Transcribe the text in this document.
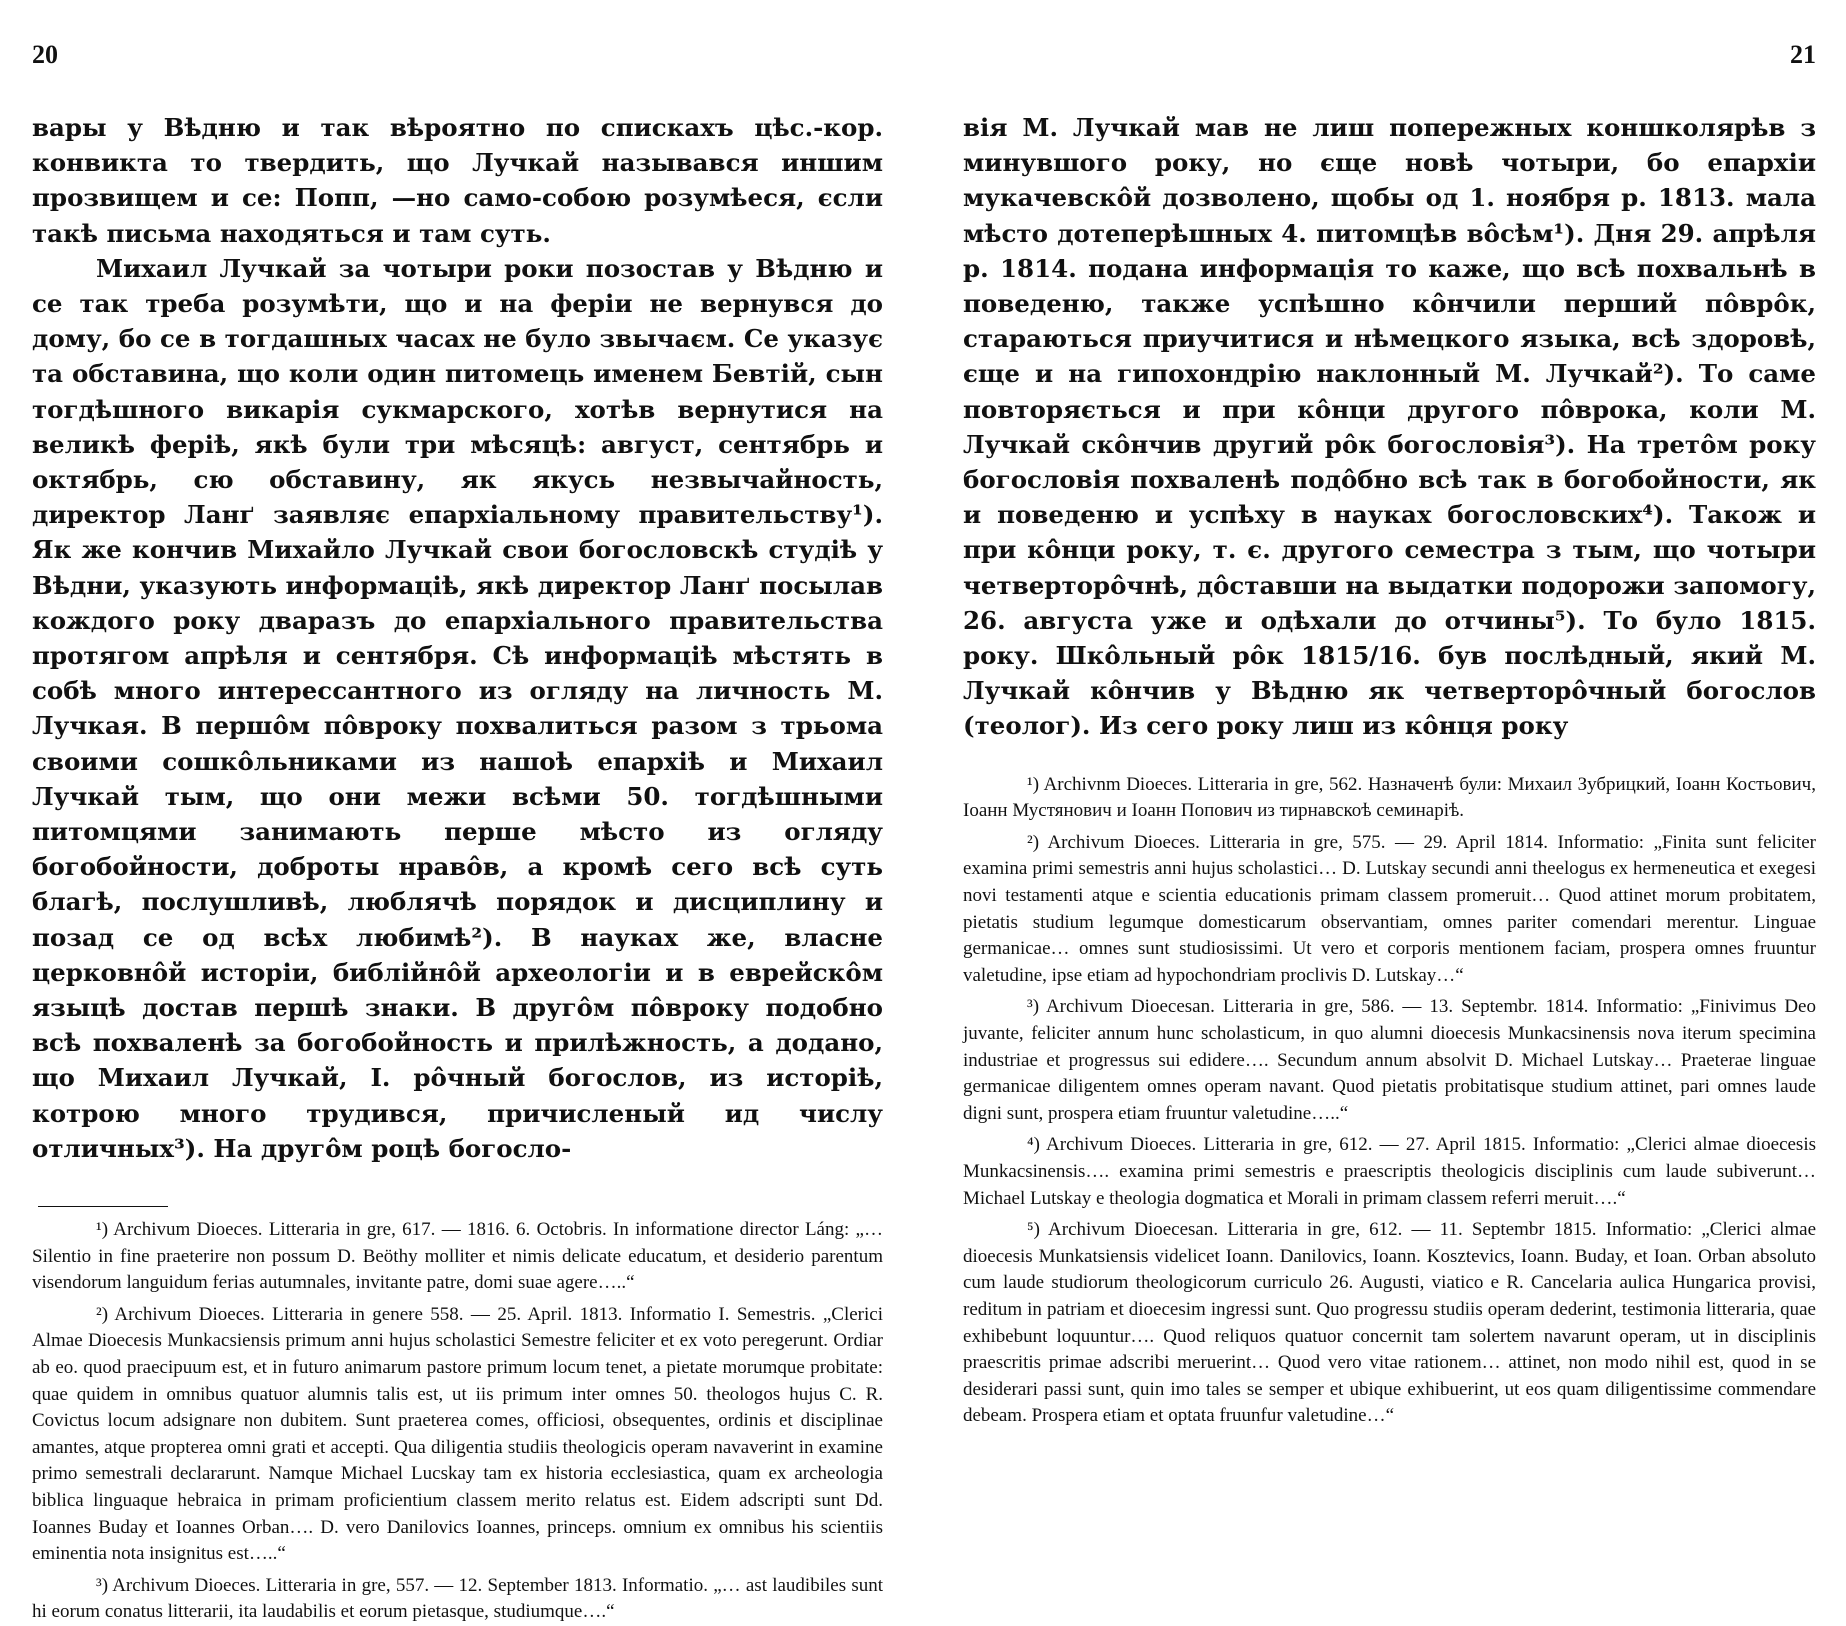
20

вары у Вѣдню и так вѣроятно по спискахъ цѣс.-кор. конвикта то твердить, що Лучкай назывався иншим прозвищем и се: Попп, —но само-собою розумѣеся, єсли такѣ письма находяться и там суть.

Михаил Лучкай за чотыри роки позостав у Вѣдню и се так треба розумѣти, що и на феріи не вернувся до дому, бо се в тогдашных часах не було звычаєм. Се указує та обставина, що коли один питомець именем Бевтій, сын тогдѣшного викарія сукмарского, хотѣв вернутися на великѣ феріѣ, якѣ були три мѣсяцѣ: август, сентябрь и октябрь, сю обставину, як якусь незвычайность, директор Ланґ заявляє епархіальному правительству¹). Як же кончив Михайло Лучкай свои богословскѣ студіѣ у Вѣдни, указують информаціѣ, якѣ директор Ланґ посылав кождого року дваразъ до епархіального правительства протягом апрѣля и сентября. Сѣ информаціѣ мѣстять в собѣ много интерессантного из огляду на личность М. Лучкая. В першôм пôвроку похвалиться разом з трьома своими сошкôльниками из нашоѣ епархіѣ и Михаил Лучкай тым, що они межи всѣми 50. тогдѣшными питомцями занимають перше мѣсто из огляду богобойности, доброты нравôв, а кромѣ сего всѣ суть благѣ, послушливѣ, люблячѣ порядок и дисциплину и позад се од всѣх любимѣ²). В науках же, власне церковнôй исторіи, библійнôй археологіи и в еврейскôм языцѣ достав першѣ знаки. В другôм пôвроку подобно всѣ похваленѣ за богобойность и прилѣжность, а додано, що Михаил Лучкай, I. рôчный богослов, из исторіѣ, котрою много трудився, причисленый ид числу отличных³). На другôм роцѣ богосло-

¹) Archivum Dioeces. Litteraria in gre, 617. — 1816. 6. Octobris. In informatione director Láng: „…Silentio in fine praeterire non possum D. Beöthy molliter et nimis delicate educatum, et desiderio parentum visendorum languidum ferias autumnales, invitante patre, domi suae agere…..“

²) Archivum Dioeces. Litteraria in genere 558. — 25. April. 1813. Informatio I. Semestris. „Clerici Almae Dioecesis Munkacsiensis primum anni hujus scholastici Semestre feliciter et ex voto peregerunt. Ordiar ab eo. quod praecipuum est, et in futuro animarum pastore primum locum tenet, a pietate morumque probitate: quae quidem in omnibus quatuor alumnis talis est, ut iis primum inter omnes 50. theologos hujus C. R. Covictus locum adsignare non dubitem. Sunt praeterea comes, officiosi, obsequentes, ordinis et disciplinae amantes, atque propterea omni grati et accepti. Qua diligentia studiis theologicis operam navaverint in examine primo semestrali declararunt. Namque Michael Lucskay tam ex historia ecclesiastica, quam ex archeologia biblica linguaque hebraica in primam proficientium classem merito relatus est. Eidem adscripti sunt Dd. Ioannes Buday et Ioannes Orban…. D. vero Danilovics Ioannes, princeps. omnium ex omnibus his scientiis eminentia nota insignitus est…..“

³) Archivum Dioeces. Litteraria in gre, 557. — 12. September 1813. Informatio. „… ast laudibiles sunt hi eorum conatus litterarii, ita laudabilis et eorum pietasque, studiumque….“

21

вія М. Лучкай мав не лиш поперeжных коншколярѣв з минувшого року, но єще новѣ чотыри, бо епархіи мукачевскôй дозволено, щобы од 1. ноября р. 1813. мала мѣсто дотеперѣшных 4. питомцѣв вôсѣм¹). Дня 29. апрѣля р. 1814. подана информація то каже, що всѣ похвальнѣ в поведеню, также успѣшно кôнчили перший пôврôк, стараються приучитися и нѣмецкого языка, всѣ здоровѣ, єще и на гипохондрію наклонный М. Лучкай²). То саме повторяється и при кôнци другого пôврока, коли М. Лучкай скôнчив другий рôк богословія³). На третôм року богословія похваленѣ подôбно всѣ так в богобойности, як и поведеню и успѣху в науках богословских⁴). Також и при кôнци року, т. є. другого семестра з тым, що чотыри четверторôчнѣ, дôставши на выдатки подорожи запомогу, 26. августа уже и одѣхали до отчины⁵). То було 1815. року. Шкôльный рôк 1815/16. був послѣдный, який М. Лучкай кôнчив у Вѣдню як четверторôчный богослов (теолог). Из сего року лиш из кôнця року

¹) Archivnm Dioeces. Litteraria in gre, 562. Назначенѣ були: Михаил Зубрицкий, Іоанн Костьович, Іоанн Мустянович и Іоанн Попович из тирнавскоѣ семинаріѣ.

²) Archivum Dioeces. Litteraria in gre, 575. — 29. April 1814. Informatio: „Finita sunt feliciter examina primi semestris anni hujus scholastici… D. Lutskay secundi anni theelogus ex hermeneutica et exegesi novi testamenti atque e scientia educationis primam classem promeruit… Quod attinet morum probitatem, pietatis studium legumque domesticarum observantiam, omnes pariter comendari merentur. Linguae germanicae… omnes sunt studiosissimi. Ut vero et corporis mentionem faciam, prospera omnes fruuntur valetudine, ipse etiam ad hypochondriam proclivis D. Lutskay…“

³) Archivum Dioecesan. Litteraria in gre, 586. — 13. Septembr. 1814. Informatio: „Finivimus Deo juvante, feliciter annum hunc scholasticum, in quo alumni dioecesis Munkacsinensis nova iterum specimina industriae et progressus sui edidere…. Secundum annum absolvit D. Michael Lutskay… Praeterae linguae germanicae diligentem omnes operam navant. Quod pietatis probitatisque studium attinet, pari omnes laude digni sunt, prospera etiam fruuntur valetudine…..“

⁴) Archivum Dioeces. Litteraria in gre, 612. — 27. April 1815. Informatio: „Clerici almae dioecesis Munkacsinensis…. examina primi semestris e praescriptis theologicis disciplinis cum laude subiverunt… Michael Lutskay e theologia dogmatica et Morali in primam classem referri meruit….“

⁵) Archivum Dioecesan. Litteraria in gre, 612. — 11. Septembr 1815. Informatio: „Clerici almae dioecesis Munkatsiensis videlicet Ioann. Danilovics, Ioann. Kosztevics, Ioann. Buday, et Ioan. Orban absoluto cum laude studiorum theologicorum curriculo 26. Augusti, viatico e R. Cancelaria aulica Hungarica provisi, reditum in patriam et dioecesim ingressi sunt. Quo progressu studiis operam dederint, testimonia litteraria, quae exhibebunt loquuntur…. Quod reliquos quatuor concernit tam solertem navarunt operam, ut in disciplinis praescritis primae adscribi meruerint… Quod vero vitae rationem… attinet, non modo nihil est, quod in se desiderari passi sunt, quin imo tales se semper et ubique exhibuerint, ut eos quam diligentissime commendare debeam. Prospera etiam et optata fruunfur valetudine…“
